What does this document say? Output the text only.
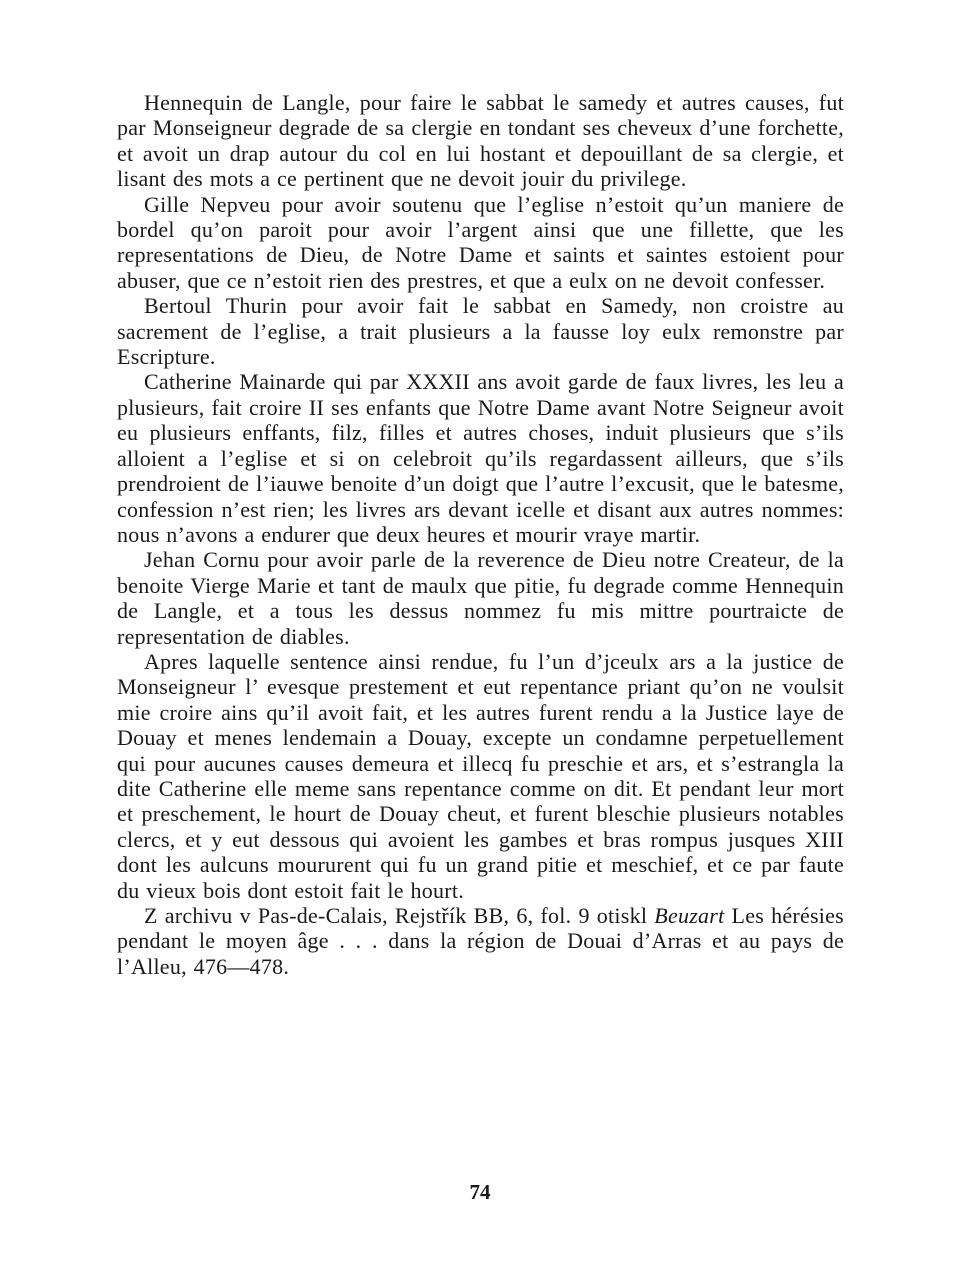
Hennequin de Langle, pour faire le sabbat le samedy et autres causes, fut par Monseigneur degrade de sa clergie en tondant ses cheveux d’une forchette, et avoit un drap autour du col en lui hostant et depouillant de sa clergie, et lisant des mots a ce pertinent que ne devoit jouir du privilege.

Gille Nepveu pour avoir soutenu que l’eglise n’estoit qu’un maniere de bordel qu’on paroit pour avoir l’argent ainsi que une fillette, que les representations de Dieu, de Notre Dame et saints et saintes estoient pour abuser, que ce n’estoit rien des prestres, et que a eulx on ne devoit confesser.

Bertoul Thurin pour avoir fait le sabbat en Samedy, non croistre au sacrement de l’eglise, a trait plusieurs a la fausse loy eulx remonstre par Escripture.

Catherine Mainarde qui par XXXII ans avoit garde de faux livres, les leu a plusieurs, fait croire II ses enfants que Notre Dame avant Notre Seigneur avoit eu plusieurs enffants, filz, filles et autres choses, induit plusieurs que s’ils alloient a l’eglise et si on celebroit qu’ils regardassent ailleurs, que s’ils prendroient de l’iauwe benoite d’un doigt que l’autre l’excusit, que le batesme, confession n’est rien; les livres ars devant icelle et disant aux autres nommes: nous n’avons a endurer que deux heures et mourir vraye martir.

Jehan Cornu pour avoir parle de la reverence de Dieu notre Createur, de la benoite Vierge Marie et tant de maulx que pitie, fu degrade comme Hennequin de Langle, et a tous les dessus nommez fu mis mittre pourtraicte de representation de diables.

Apres laquelle sentence ainsi rendue, fu l’un d’jceulx ars a la justice de Monseigneur l’ evesque prestement et eut repentance priant qu’on ne voulsit mie croire ains qu’il avoit fait, et les autres furent rendu a la Justice laye de Douay et menes lendemain a Douay, excepte un condamne perpetuellement qui pour aucunes causes demeura et illecq fu preschie et ars, et s’estrangla la dite Catherine elle meme sans repentance comme on dit. Et pendant leur mort et preschement, le hourt de Douay cheut, et furent bleschie plusieurs notables clercs, et y eut dessous qui avoient les gambes et bras rompus jusques XIII dont les aulcuns moururent qui fu un grand pitie et meschief, et ce par faute du vieux bois dont estoit fait le hourt.

Z archivu v Pas-de-Calais, Rejstřík BB, 6, fol. 9 otiskl Beuzart Les hérésies pendant le moyen âge . . . dans la région de Douai d’Arras et au pays de l’Alleu, 476—478.

74
